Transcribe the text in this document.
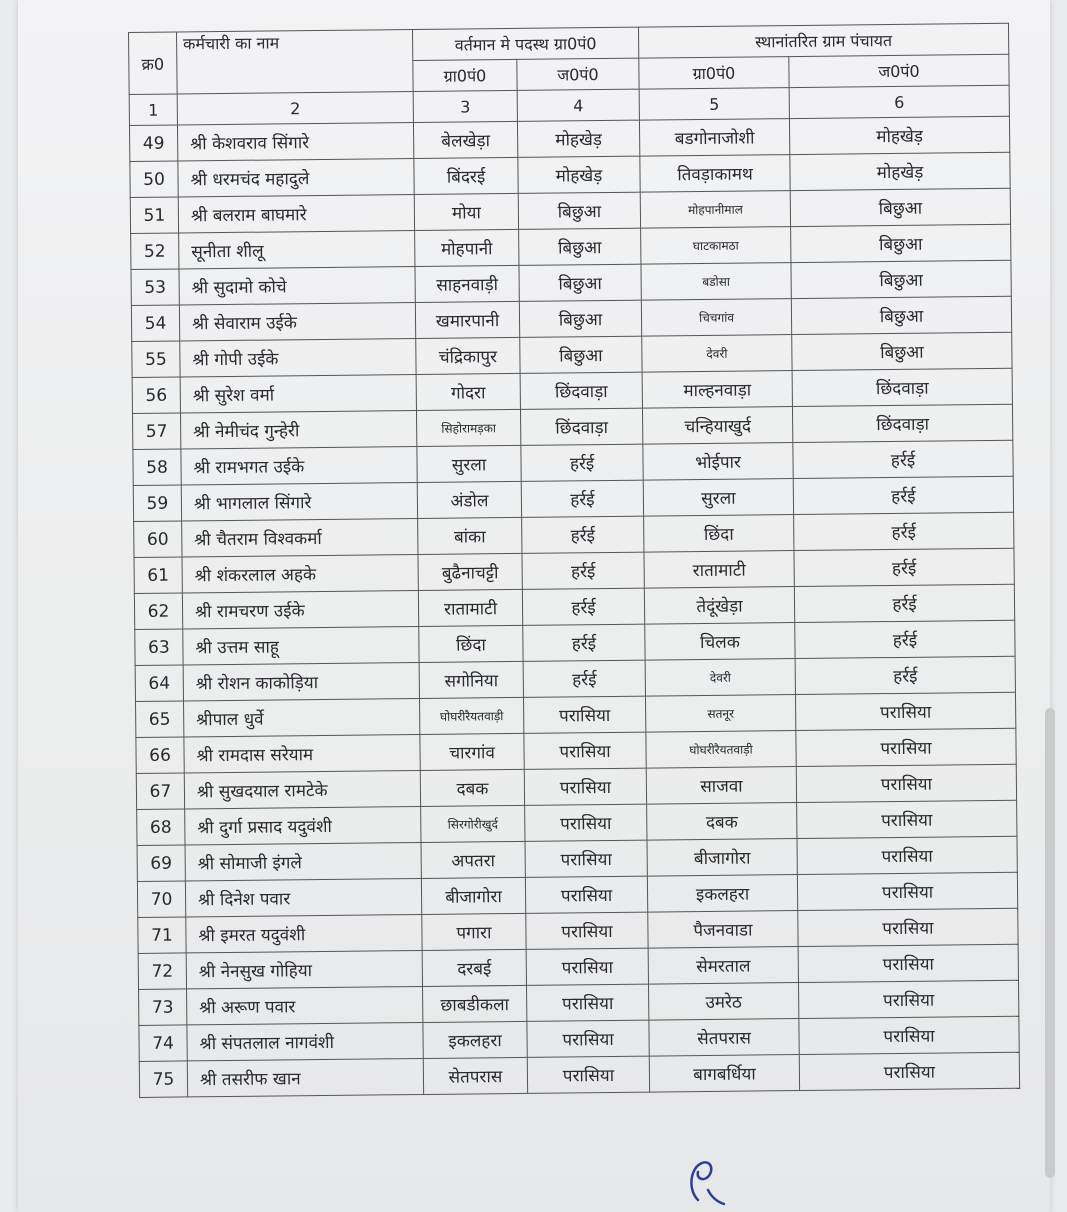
क्र0	कर्मचारी का नाम	वर्तमान मे पदस्थ ग्रा0पं0		स्थानांतरित ग्राम पंचायत	
		ग्रा0पं0	ज0पं0	ग्रा0पं0	ज0पं0
1	2	3	4	5	6
49	श्री केशवराव सिंगारे	बेलखेड़ा	मोहखेड़	बडगोनाजोशी	मोहखेड़
50	श्री धरमचंद महादुले	बिंदरई	मोहखेड़	तिवड़ाकामथ	मोहखेड़
51	श्री बलराम बाघमारे	मोया	बिछुआ	मोहपानीमाल	बिछुआ
52	सूनीता शीलू	मोहपानी	बिछुआ	घाटकामठा	बिछुआ
53	श्री सुदामो कोचे	साहनवाड़ी	बिछुआ	बडोसा	बिछुआ
54	श्री सेवाराम उईके	खमारपानी	बिछुआ	चिचगांव	बिछुआ
55	श्री गोपी उईके	चंद्रिकापुर	बिछुआ	देवरी	बिछुआ
56	श्री सुरेश वर्मा	गोदरा	छिंदवाड़ा	माल्हनवाड़ा	छिंदवाड़ा
57	श्री नेमीचंद गुन्हेरी	सिहोरामड़का	छिंदवाड़ा	चन्हियाखुर्द	छिंदवाड़ा
58	श्री रामभगत उईके	सुरला	हर्रई	भोईपार	हर्रई
59	श्री भागलाल सिंगारे	अंडोल	हर्रई	सुरला	हर्रई
60	श्री चैतराम विश्वकर्मा	बांका	हर्रई	छिंदा	हर्रई
61	श्री शंकरलाल अहके	बुढैनाचट्टी	हर्रई	रातामाटी	हर्रई
62	श्री रामचरण उईके	रातामाटी	हर्रई	तेदूंखेड़ा	हर्रई
63	श्री उत्तम साहू	छिंदा	हर्रई	चिलक	हर्रई
64	श्री रोशन काकोड़िया	सगोनिया	हर्रई	देवरी	हर्रई
65	श्रीपाल धुर्वे	घोघरीरैयतवाड़ी	परासिया	सतनूर	परासिया
66	श्री रामदास सरेयाम	चारगांव	परासिया	घोघरीरैयतवाड़ी	परासिया
67	श्री सुखदयाल रामटेके	दबक	परासिया	साजवा	परासिया
68	श्री दुर्गा प्रसाद यदुवंशी	सिरगोरीखुर्द	परासिया	दबक	परासिया
69	श्री सोमाजी इंगले	अपतरा	परासिया	बीजागोरा	परासिया
70	श्री दिनेश पवार	बीजागोरा	परासिया	इकलहरा	परासिया
71	श्री इमरत यदुवंशी	पगारा	परासिया	पैजनवाडा	परासिया
72	श्री नेनसुख गोहिया	दरबई	परासिया	सेमरताल	परासिया
73	श्री अरूण पवार	छाबडीकला	परासिया	उमरेठ	परासिया
74	श्री संपतलाल नागवंशी	इकलहरा	परासिया	सेतपरास	परासिया
75	श्री तसरीफ खान	सेतपरास	परासिया	बागबर्धिया	परासिया
